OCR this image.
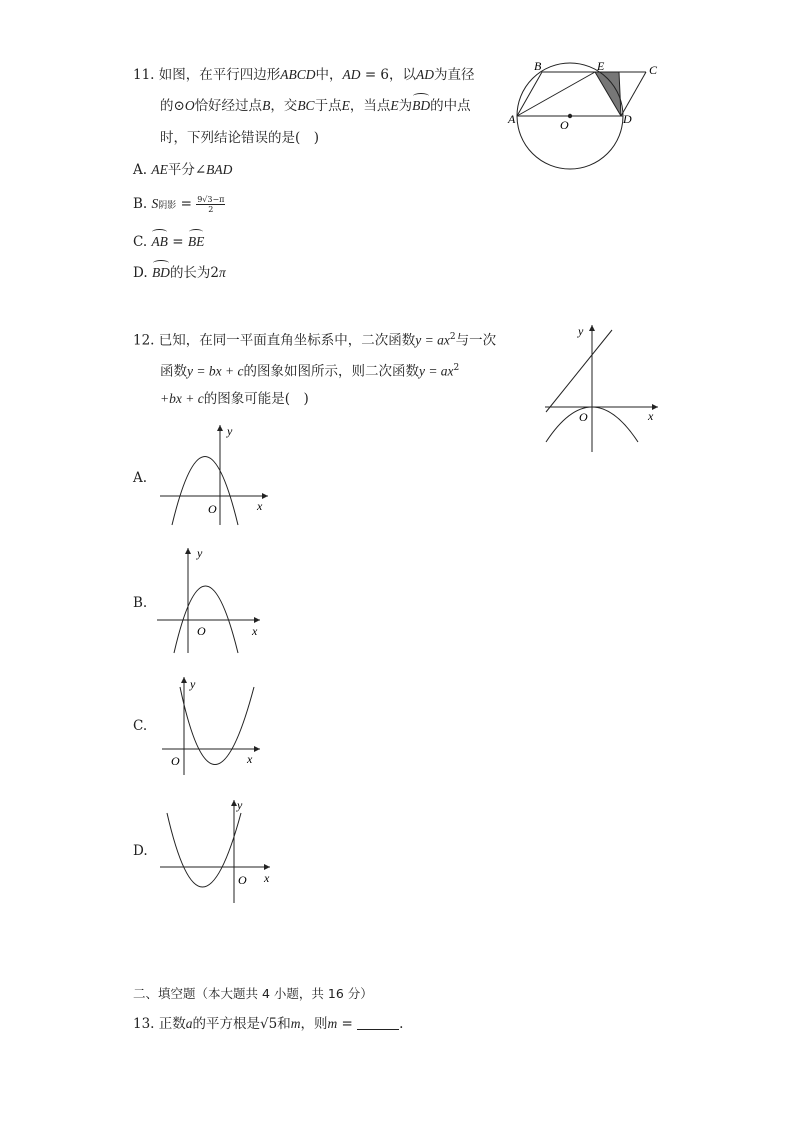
11. 如图，在平行四边形ABCD中，AD = 6，以AD为直径
的⊙O恰好经过点B，交BC于点E，当点E为BD的中点
时，下列结论错误的是(　)
A. AE平分∠BAD
B. S阴影 = $\frac{9√3-\pi}{2}$
C. AB = BE
D. BD的长为2π
B	E	C
A	O	D
12. 已知，在同一平面直角坐标系中，二次函数$y = ax^2$与一次
函数y = bx + c的图象如图所示，则二次函数$y = ax^2$
+bx + c的图象可能是(　)
y
x
O
A.
y
x
O
B.
y
x
O
C.
y
x
O
D.
y
x
O
二、填空题（本大题共 4 小题，共 16 分）
13. 正数a的平方根是√5和m，则m =	.
